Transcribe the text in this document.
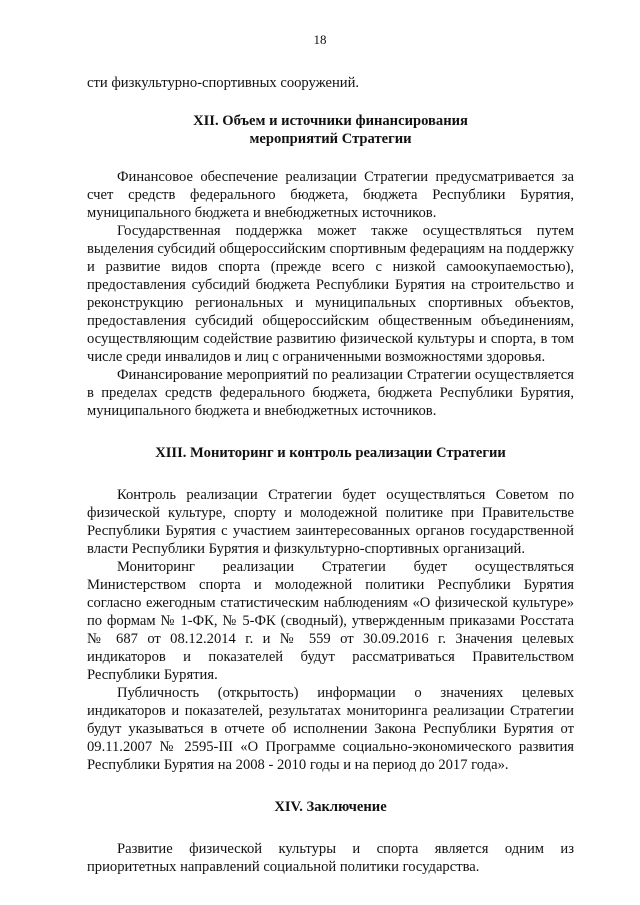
18

сти физкультурно-спортивных сооружений.

XII. Объем и источники финансирования
мероприятий Стратегии

Финансовое обеспечение реализации Стратегии предусматривается за счет средств федерального бюджета, бюджета Республики Бурятия, муниципального бюджета и внебюджетных источников.

Государственная поддержка может также осуществляться путем выделения субсидий общероссийским спортивным федерациям на поддержку и развитие видов спорта (прежде всего с низкой самоокупаемостью), предоставления субсидий бюджета Республики Бурятия на строительство и реконструкцию региональных и муниципальных спортивных объектов, предоставления субсидий общероссийским общественным объединениям, осуществляющим содействие развитию физической культуры и спорта, в том числе среди инвалидов и лиц с ограниченными возможностями здоровья.

Финансирование мероприятий по реализации Стратегии осуществляется в пределах средств федерального бюджета, бюджета Республики Бурятия, муниципального бюджета и внебюджетных источников.

XIII. Мониторинг и контроль реализации Стратегии

Контроль реализации Стратегии будет осуществляться Советом по физической культуре, спорту и молодежной политике при Правительстве Республики Бурятия с участием заинтересованных органов государственной власти Республики Бурятия и физкультурно-спортивных организаций.

Мониторинг реализации Стратегии будет осуществляться Министерством спорта и молодежной политики Республики Бурятия согласно ежегодным статистическим наблюдениям «О физической культуре» по формам № 1-ФК, № 5-ФК (сводный), утвержденным приказами Росстата № 687 от 08.12.2014 г. и № 559 от 30.09.2016 г. Значения целевых индикаторов и показателей будут рассматриваться Правительством Республики Бурятия.

Публичность (открытость) информации о значениях целевых индикаторов и показателей, результатах мониторинга реализации Стратегии будут указываться в отчете об исполнении Закона Республики Бурятия от 09.11.2007 № 2595-III «О Программе социально-экономического развития Республики Бурятия на 2008 - 2010 годы и на период до 2017 года».

XIV. Заключение

Развитие физической культуры и спорта является одним из приоритетных направлений социальной политики государства.
